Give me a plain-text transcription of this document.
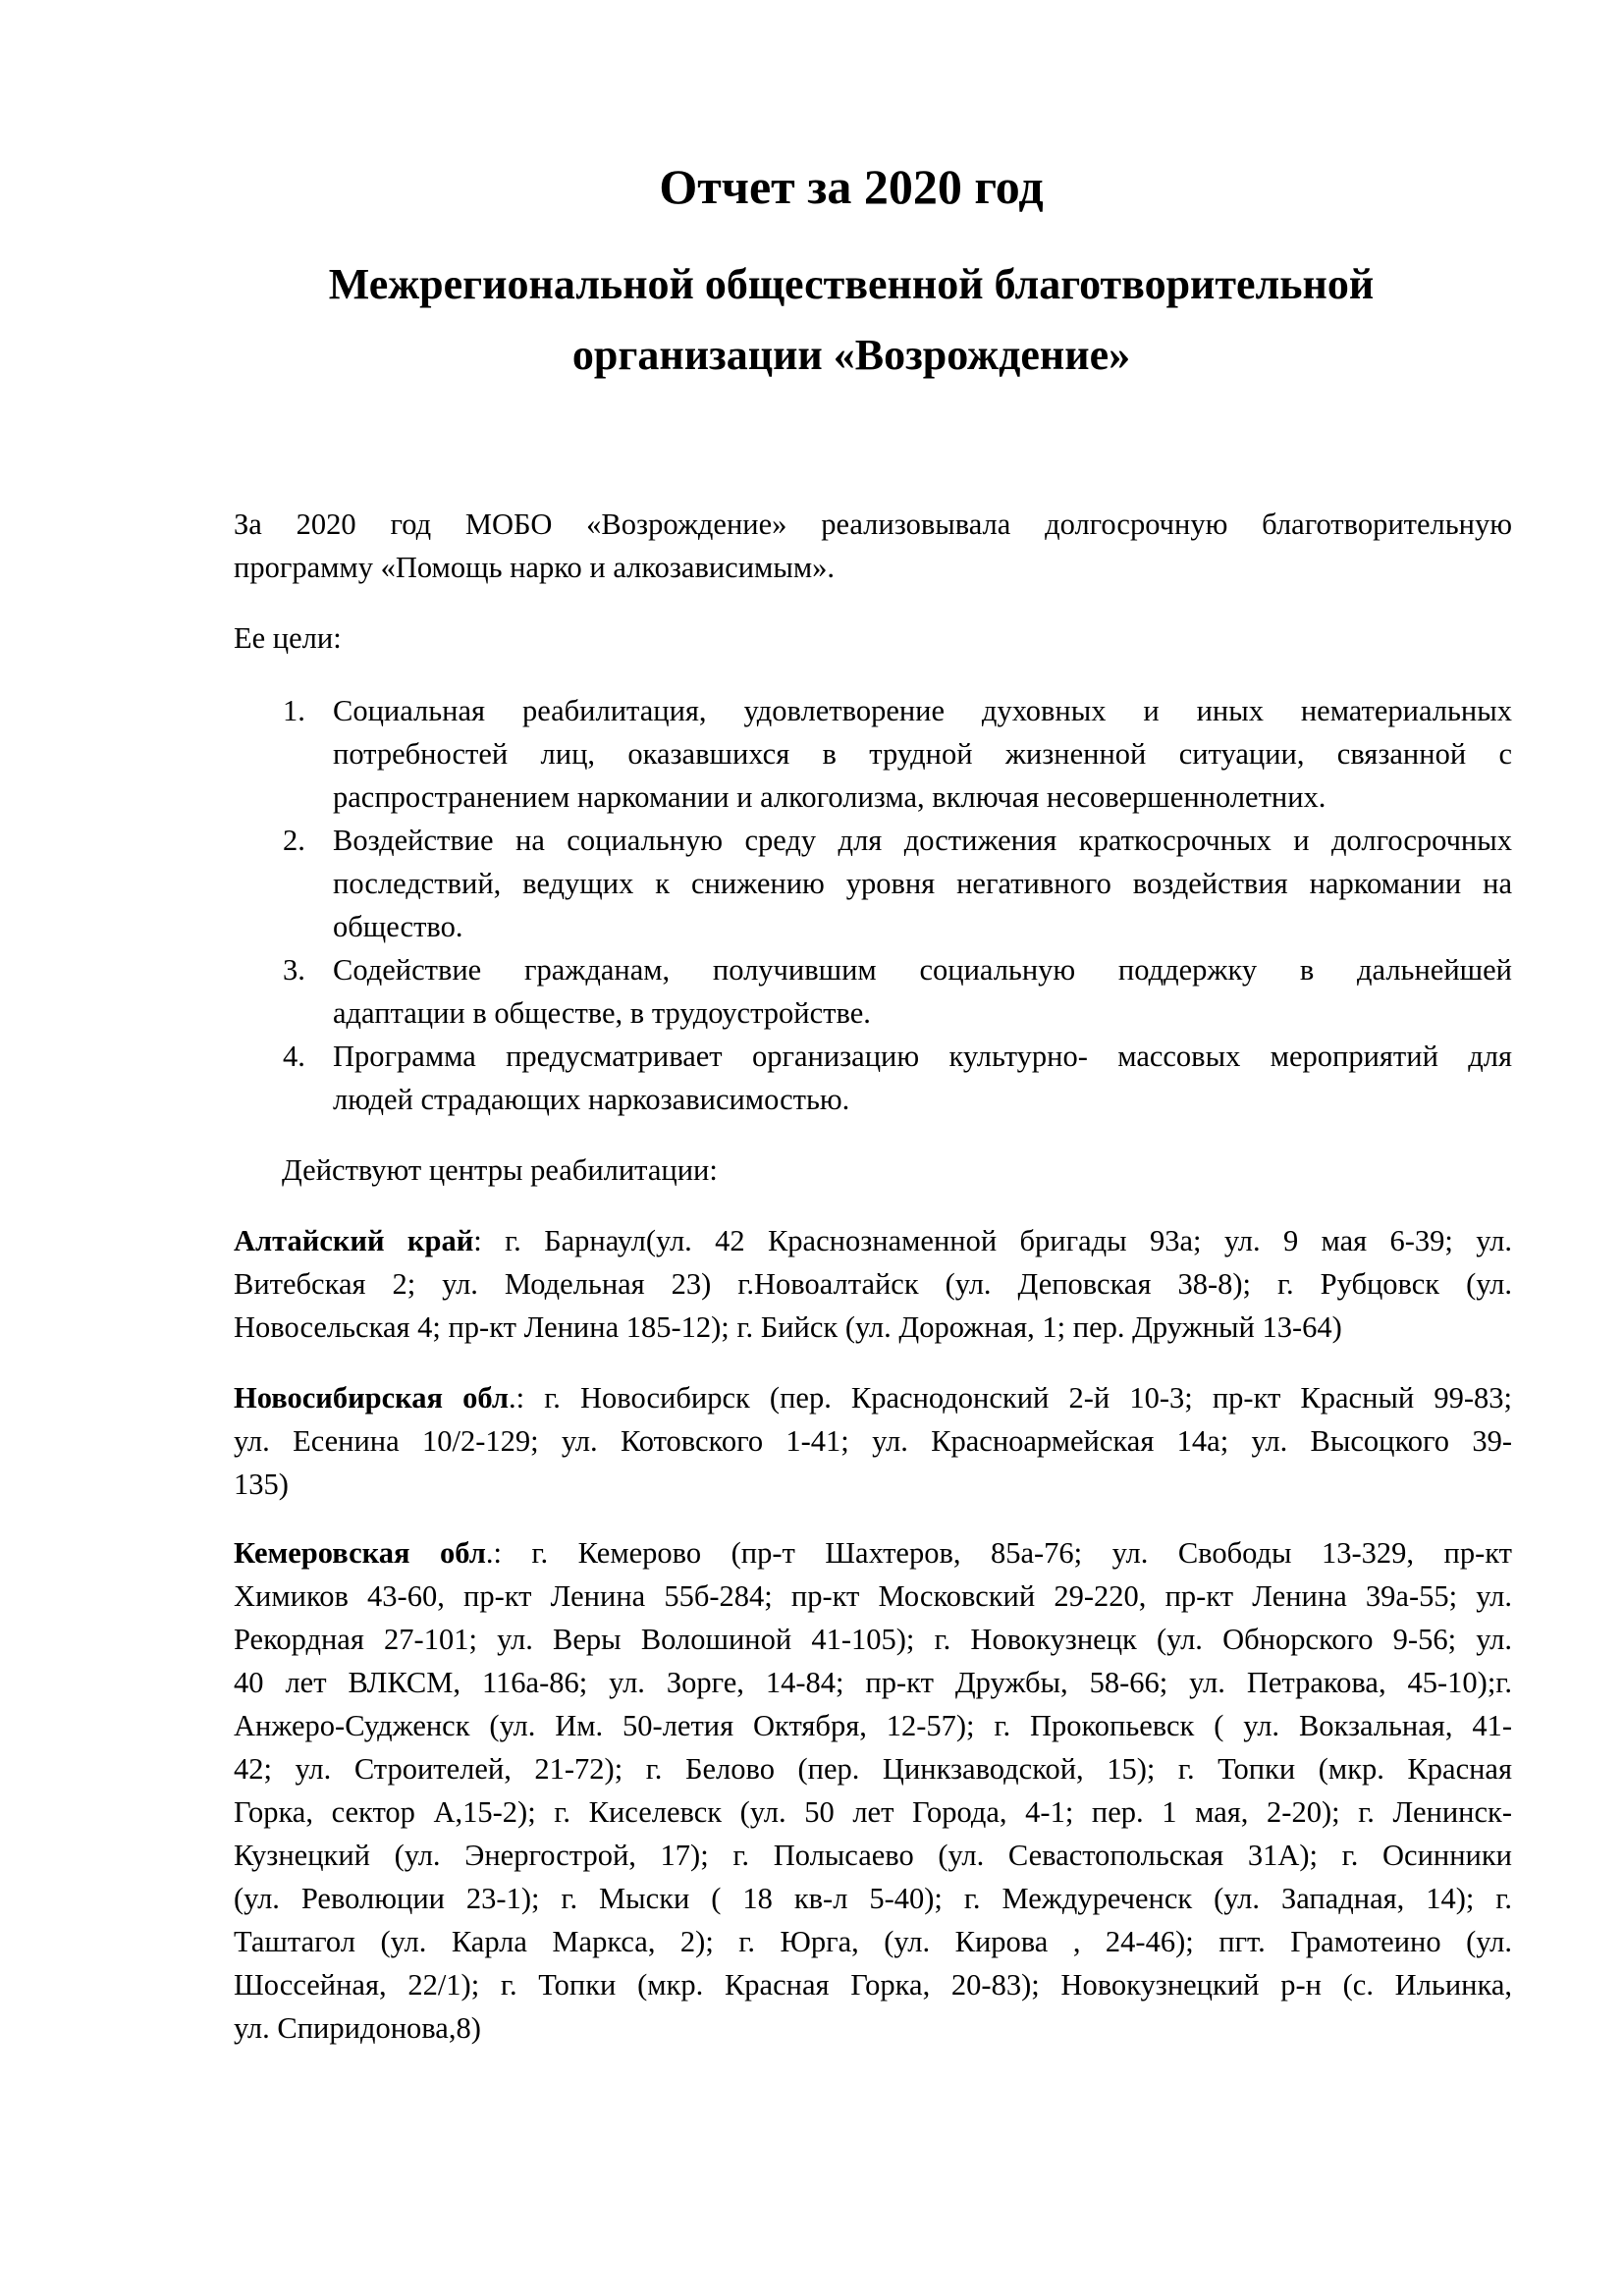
Отчет за 2020 год
Межрегиональной общественной благотворительной
организации «Возрождение»
За 2020 год МОБО «Возрождение» реализовывала долгосрочную благотворительную
программу «Помощь нарко и алкозависимым».

Ее цели:

1. Социальная реабилитация, удовлетворение духовных и иных нематериальных
потребностей лиц, оказавшихся в трудной жизненной ситуации, связанной с
распространением наркомании и алкоголизма, включая несовершеннолетних.
2. Воздействие на социальную среду для достижения краткосрочных и долгосрочных
последствий, ведущих к снижению уровня негативного воздействия наркомании на
общество.
3. Содействие гражданам, получившим социальную поддержку в дальнейшей
адаптации в обществе, в трудоустройстве.
4. Программа предусматривает организацию культурно- массовых мероприятий для
людей страдающих наркозависимостью.

Действуют центры реабилитации:

Алтайский край: г. Барнаул(ул. 42 Краснознаменной бригады 93а; ул. 9 мая 6-39; ул.
Витебская 2; ул. Модельная 23) г.Новоалтайск (ул. Деповская 38-8); г. Рубцовск (ул.
Новосельская 4; пр-кт Ленина 185-12); г. Бийск (ул. Дорожная, 1; пер. Дружный 13-64)
Новосибирская обл.: г. Новосибирск (пер. Краснодонский 2-й 10-3; пр-кт Красный 99-83;
ул. Есенина 10/2-129; ул. Котовского 1-41; ул. Красноармейская 14а; ул. Высоцкого 39-
135)
Кемеровская обл.: г. Кемерово (пр-т Шахтеров, 85а-76; ул. Свободы 13-329, пр-кт
Химиков 43-60, пр-кт Ленина 55б-284; пр-кт Московский 29-220, пр-кт Ленина 39а-55; ул.
Рекордная 27-101; ул. Веры Волошиной 41-105); г. Новокузнецк (ул. Обнорского 9-56; ул.
40 лет ВЛКСМ, 116а-86; ул. Зорге, 14-84; пр-кт Дружбы, 58-66; ул. Петракова, 45-10);г.
Анжеро-Судженск (ул. Им. 50-летия Октября, 12-57); г. Прокопьевск ( ул. Вокзальная, 41-
42; ул. Строителей, 21-72); г. Белово (пер. Цинкзаводской, 15); г. Топки (мкр. Красная
Горка, сектор А,15-2); г. Киселевск (ул. 50 лет Города, 4-1; пер. 1 мая, 2-20); г. Ленинск-
Кузнецкий (ул. Энергострой, 17); г. Полысаево (ул. Севастопольская 31А); г. Осинники
(ул. Революции 23-1); г. Мыски ( 18 кв-л 5-40); г. Междуреченск (ул. Западная, 14); г.
Таштагол (ул. Карла Маркса, 2); г. Юрга, (ул. Кирова , 24-46); пгт. Грамотеино (ул.
Шоссейная, 22/1); г. Топки (мкр. Красная Горка, 20-83); Новокузнецкий р-н (с. Ильинка,
ул. Спиридонова,8)
